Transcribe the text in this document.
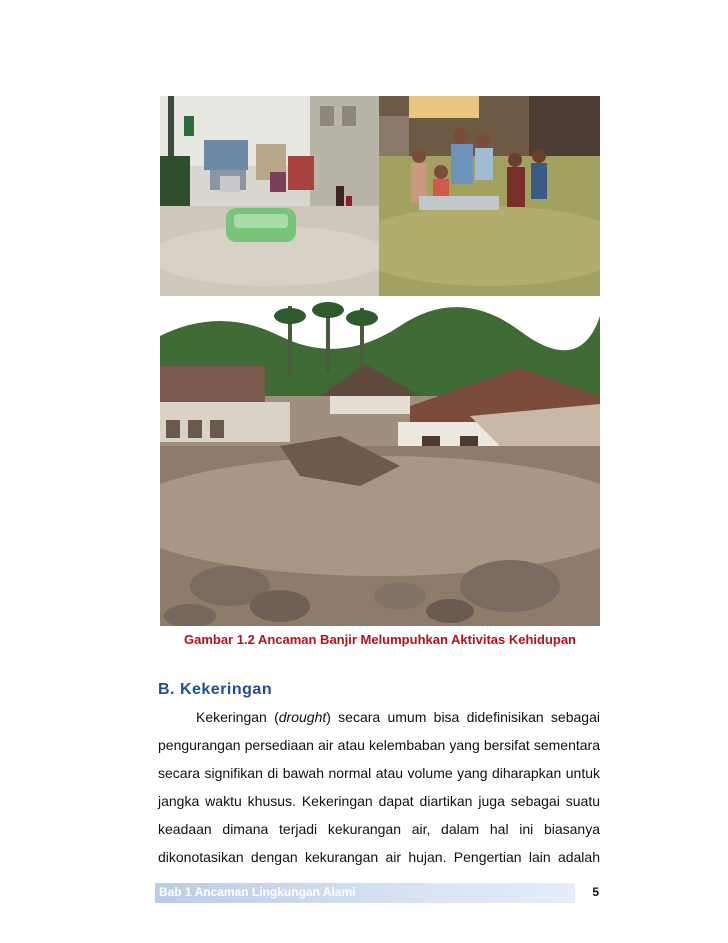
Gambar 1.2 Ancaman Banjir Melumpuhkan Aktivitas Kehidupan
B. Kekeringan

Kekeringan (drought) secara umum bisa didefinisikan sebagai pengurangan persediaan air atau kelembaban yang bersifat sementara secara signifikan di bawah normal atau volume yang diharapkan untuk jangka waktu khusus. Kekeringan dapat diartikan juga sebagai suatu keadaan dimana terjadi kekurangan air, dalam hal ini biasanya dikonotasikan dengan kekurangan air hujan. Pengertian lain adalah

Bab 1 Ancaman Lingkungan Alami	5
